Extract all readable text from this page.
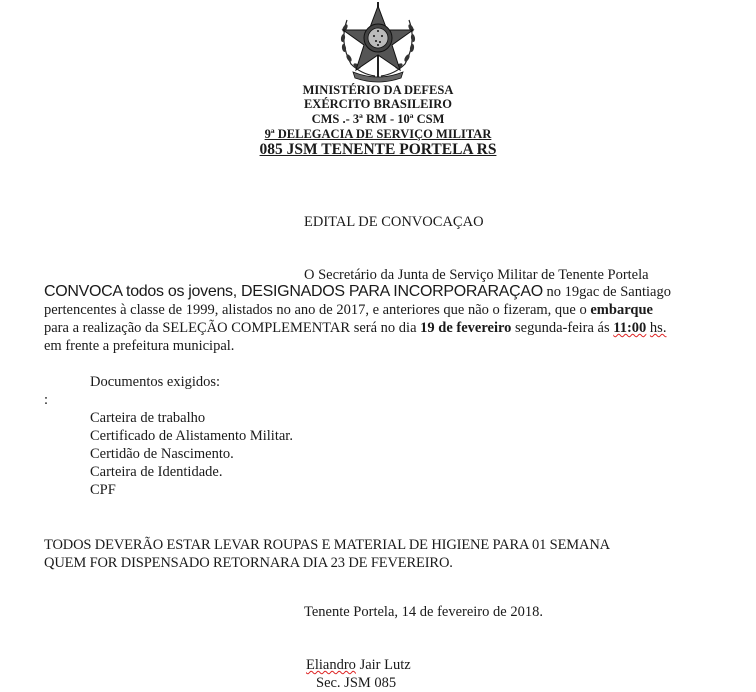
MINISTÉRIO DA DEFESA
EXÉRCITO BRASILEIRO
CMS .- 3ª RM - 10ª CSM
9ª DELEGACIA DE SERVIÇO MILITAR
085 JSM TENENTE PORTELA RS
EDITAL DE CONVOCAÇAO
O Secretário da Junta de Serviço Militar de Tenente Portela
CONVOCA todos os jovens, DESIGNADOS PARA INCORPORARAÇAO no 19gac de Santiago
pertencentes à classe de 1999, alistados no ano de 2017, e anteriores que não o fizeram, que o embarque
para a realização da SELEÇÃO COMPLEMENTAR será no dia 19 de fevereiro segunda-feira ás 11:00 hs.
em frente a prefeitura municipal.
Documentos exigidos:
:
Carteira de trabalho
Certificado de Alistamento Militar.
Certidão de Nascimento.
Carteira de Identidade.
CPF
TODOS DEVERÃO ESTAR LEVAR ROUPAS E MATERIAL DE HIGIENE PARA 01 SEMANA
QUEM FOR DISPENSADO RETORNARA DIA 23 DE FEVEREIRO.
Tenente Portela, 14 de fevereiro de 2018.
Eliandro Jair Lutz
Sec. JSM 085
